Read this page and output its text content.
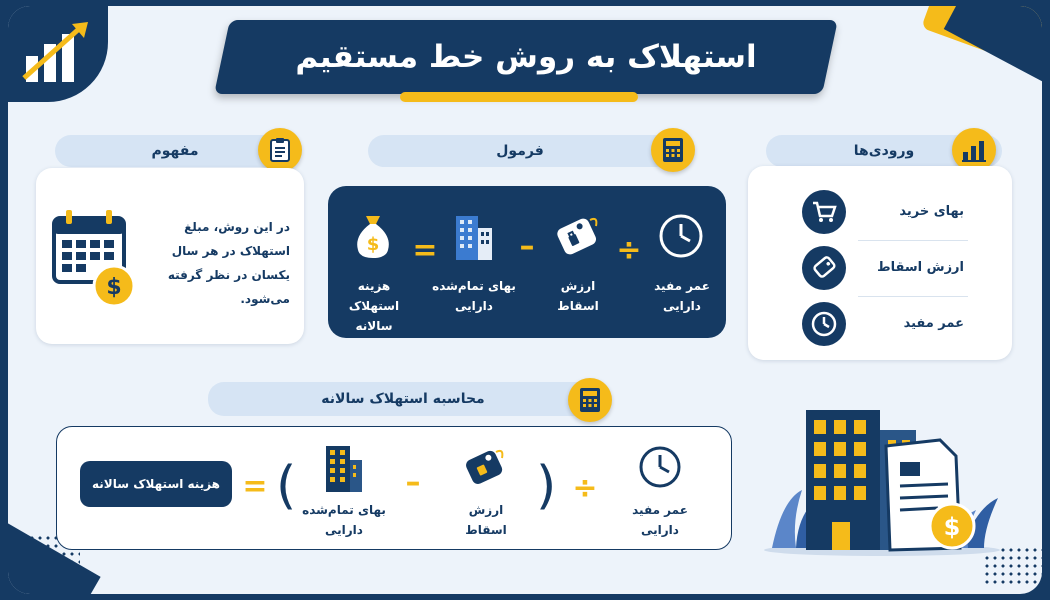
استهلاک به روش خط مستقیم
مفهوم
$
در این روش، مبلغ استهلاک در هر سال یکسان در نظر گرفته می‌شود.
فرمول
عمر مفید دارایی
÷
ارزش اسقاط
–
بهای تمام‌شده دارایی
=
$
هزینه استهلاک سالانه
ورودی‌ها
بهای خرید
ارزش اسقاط
عمر مفید
محاسبه استهلاک سالانه
عمر مفید دارایی
÷
)
ارزش اسقاط
–
بهای تمام‌شده دارایی
(
=
هزینه استهلاک سالانه
$
